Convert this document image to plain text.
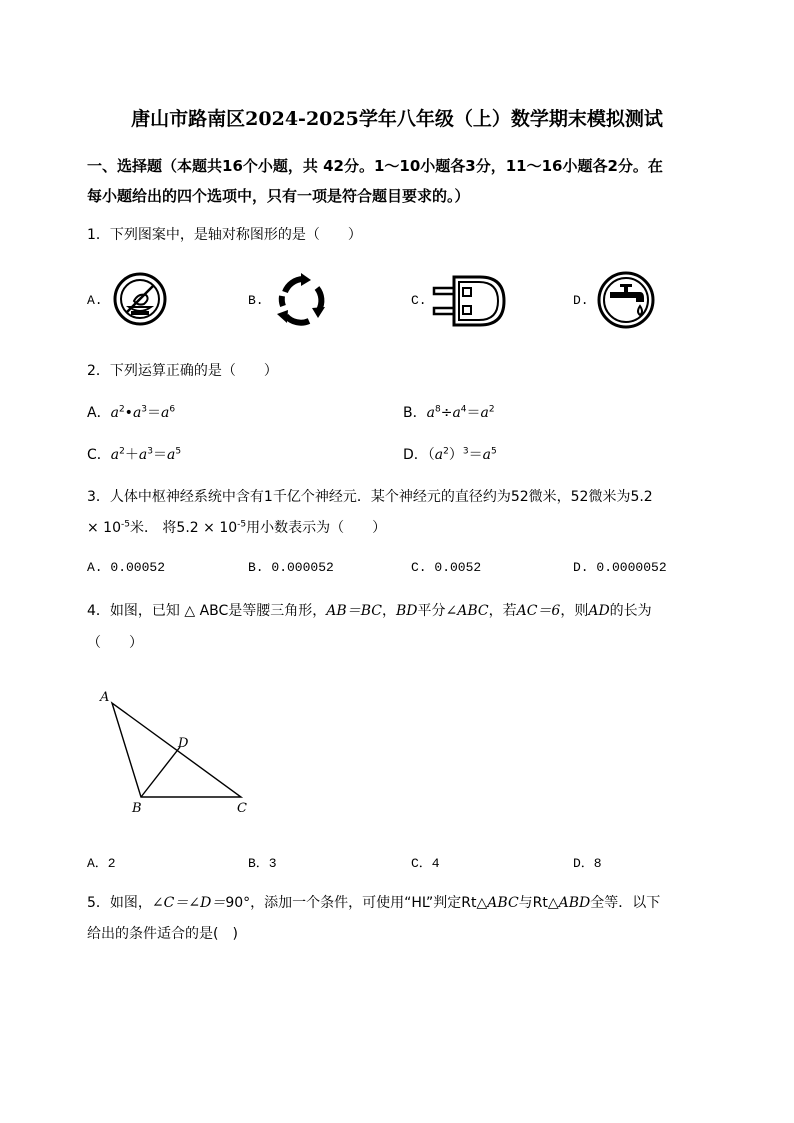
唐山市路南区2024-2025学年八年级（上）数学期末模拟测试
一、选择题（本题共16个小题，共 42分。1～10小题各3分，11～16小题各2分。在
每小题给出的四个选项中，只有一项是符合题目要求的。）
1．下列图案中，是轴对称图形的是（　　）
A.	B.	C.	D.
2．下列运算正确的是（　　）
A．$a^2•a^3=a^6$	B．$a^8\div a^4=a^2$
C．$a^2+a^3=a^5$	D．$(a^2)^3=a^5$
3．人体中枢神经系统中含有1千亿个神经元．某个神经元的直径约为52微米，52微米为5.2
× $10^{-5}$米． 将$5.2 \times 10^{-5}$用小数表示为（　　）
A. 0.00052	B. 0.000052	C. 0.0052	D. 0.0000052
4．如图，已知 △ ABC是等腰三角形，AB＝BC，BD平分∠ABC，若AC＝6，则AD的长为
（　　）
A
B	C
D
A．2	B．3	C．4	D．8
5．如图，∠C＝∠D＝90°，添加一个条件，可使用“HL”判定Rt△ABC与Rt△ABD全等．以下
给出的条件适合的是(　)
